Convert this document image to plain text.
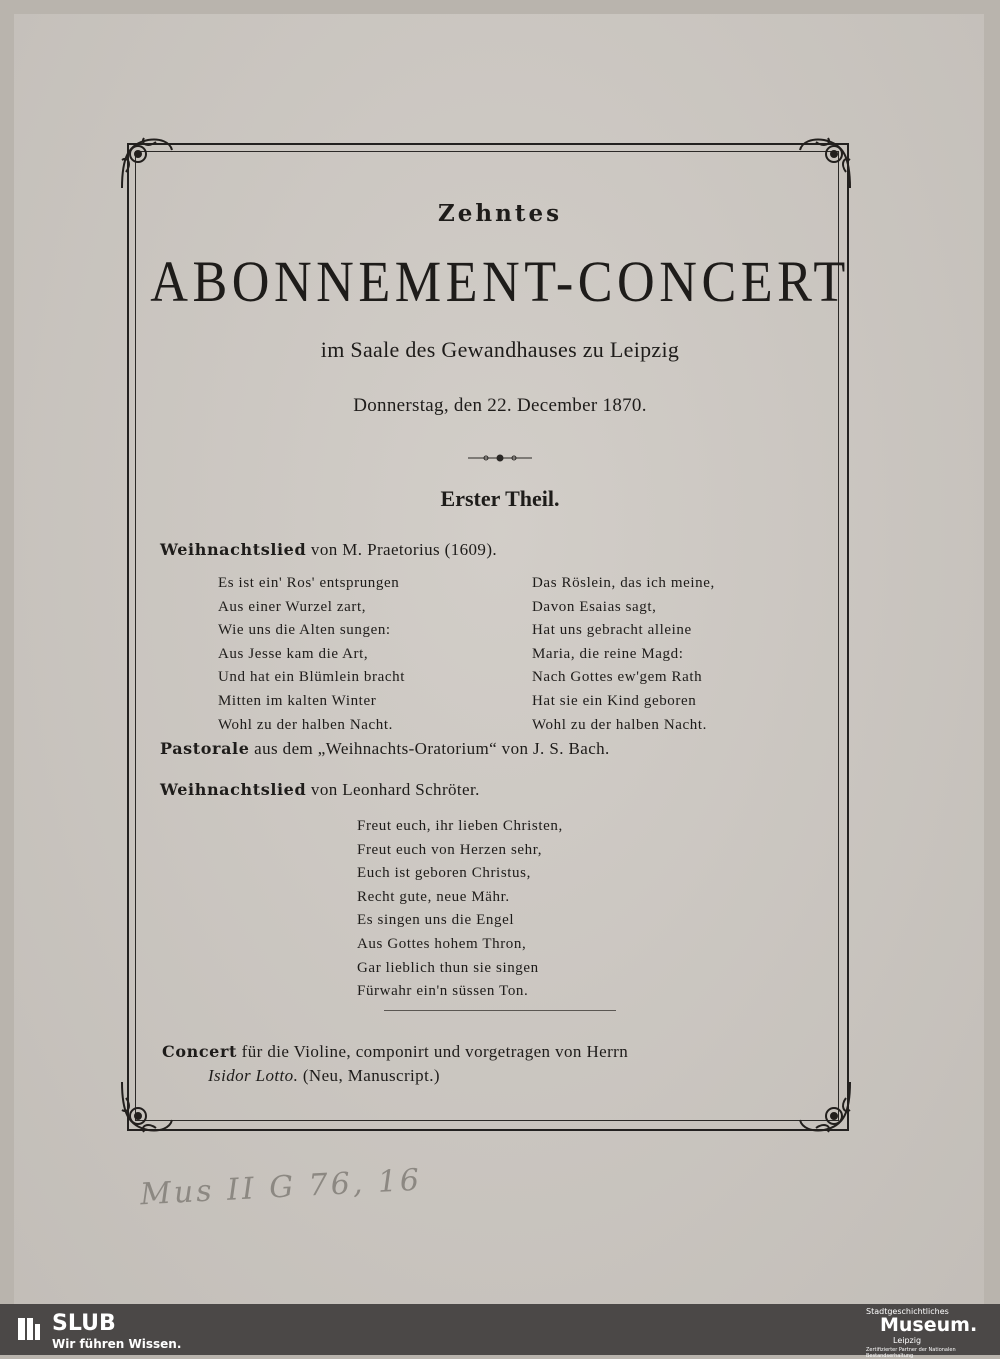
Zehntes
ABONNEMENT-CONCERT
im Saale des Gewandhauses zu Leipzig
Donnerstag, den 22. December 1870.
Erster Theil.
Weihnachtslied von M. Praetorius (1609).
Es ist ein' Ros' entsprungen
Aus einer Wurzel zart,
Wie uns die Alten sungen:
Aus Jesse kam die Art,
Und hat ein Blümlein bracht
Mitten im kalten Winter
Wohl zu der halben Nacht.
Das Röslein, das ich meine,
Davon Esaias sagt,
Hat uns gebracht alleine
Maria, die reine Magd:
Nach Gottes ew'gem Rath
Hat sie ein Kind geboren
Wohl zu der halben Nacht.
Pastorale aus dem „Weihnachts-Oratorium“ von J. S. Bach.
Weihnachtslied von Leonhard Schröter.
Freut euch, ihr lieben Christen,
Freut euch von Herzen sehr,
Euch ist geboren Christus,
Recht gute, neue Mähr.
Es singen uns die Engel
Aus Gottes hohem Thron,
Gar lieblich thun sie singen
Fürwahr ein'n süssen Ton.
Concert für die Violine, componirt und vorgetragen von Herrn
Isidor Lotto. (Neu, Manuscript.)
Mus II G 76, 16
SLUB
Wir führen Wissen.
Stadtgeschichtliches
Museum.
Leipzig
Zertifizierter Partner der Nationalen Bestandserhaltung
